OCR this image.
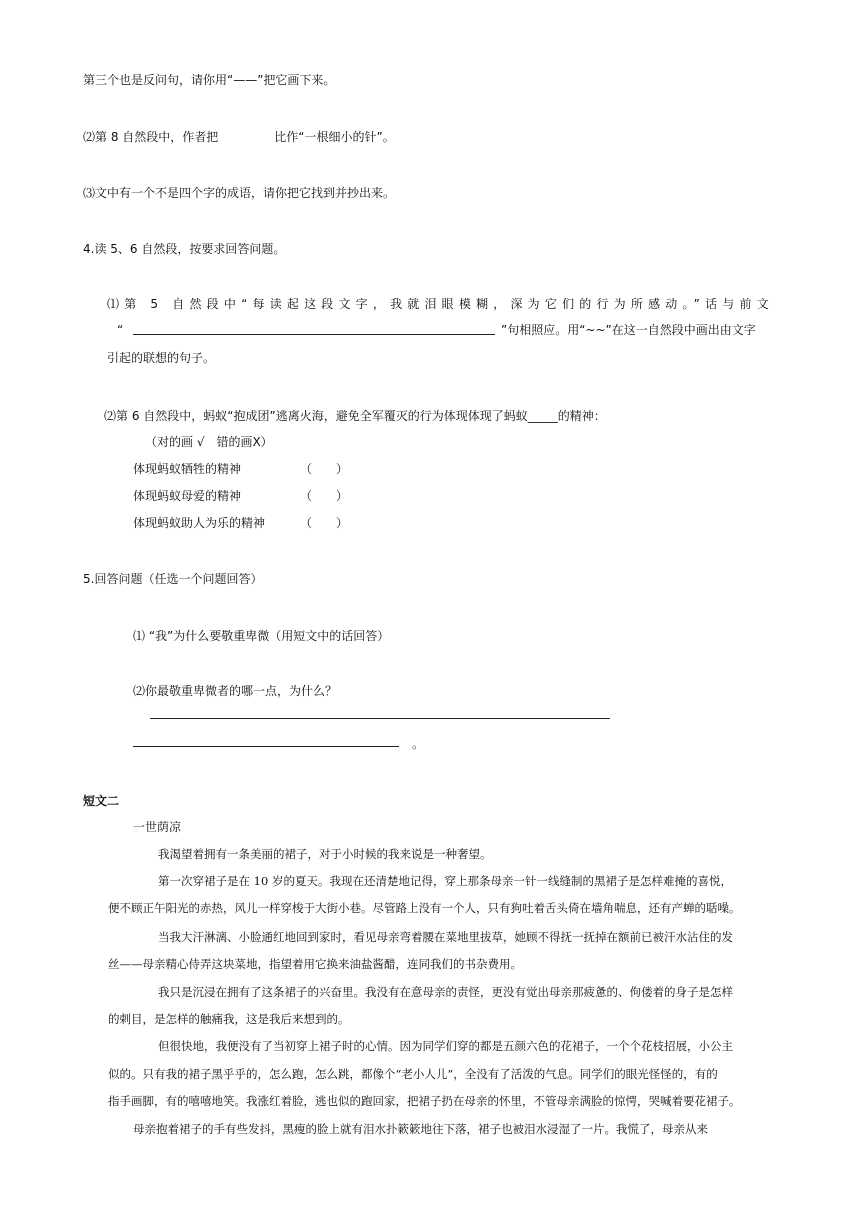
第三个也是反问句，请你用“——”把它画下来。
⑵第 8 自然段中，作者把	比作“一根细小的针”。
⑶文中有一个不是四个字的成语，请你把它找到并抄出来。
4.读 5、6 自然段，按要求回答问题。
⑴第 5 自然段中“每读起这段文字，我就泪眼模糊，深为它们的行为所感动。”话与前文
“	”句相照应。用“~~”在这一自然段中画出由文字
引起的联想的句子。
⑵第 6 自然段中，蚂蚁“抱成团”逃离火海，避免全军覆灭的行为体现体现了蚂蚁_____的精神：
（对的画 √　错的画Ⅹ）
体现蚂蚁牺牲的精神	（　　）
体现蚂蚁母爱的精神	（　　）
体现蚂蚁助人为乐的精神	（　　）
5.回答问题（任选一个问题回答）
⑴ “我”为什么要敬重卑微（用短文中的话回答）
⑵你最敬重卑微者的哪一点，为什么？
。
短文二
一世荫凉
我渴望着拥有一条美丽的裙子，对于小时候的我来说是一种奢望。
第一次穿裙子是在 10 岁的夏天。我现在还清楚地记得，穿上那条母亲一针一线缝制的黑裙子是怎样难掩的喜悦，
便不顾正午阳光的赤热，风儿一样穿梭于大街小巷。尽管路上没有一个人，只有狗吐着舌头倚在墙角喘息，还有产蝉的聒噪。
当我大汗淋漓、小脸通红地回到家时，看见母亲弯着腰在菜地里拔草，她顾不得抚一抚掉在额前已被汗水沾住的发
丝——母亲精心侍弄这块菜地，指望着用它换来油盐酱醋，连同我们的书杂费用。
我只是沉浸在拥有了这条裙子的兴奋里。我没有在意母亲的责怪，更没有觉出母亲那疲惫的、佝偻着的身子是怎样
的剌目，是怎样的触痛我，这是我后来想到的。
但很快地，我便没有了当初穿上裙子时的心情。因为同学们穿的都是五颜六色的花裙子，一个个花枝招展，小公主
似的。只有我的裙子黑乎乎的，怎么跑，怎么跳，都像个“老小人儿”，全没有了活泼的气息。同学们的眼光怪怪的，有的
指手画脚，有的嘻嘻地笑。我涨红着脸，逃也似的跑回家，把裙子扔在母亲的怀里，不管母亲满脸的惊愕，哭喊着要花裙子。
母亲抱着裙子的手有些发抖，黑瘦的脸上就有泪水扑簌簌地往下落，裙子也被泪水浸湿了一片。我慌了，母亲从来
